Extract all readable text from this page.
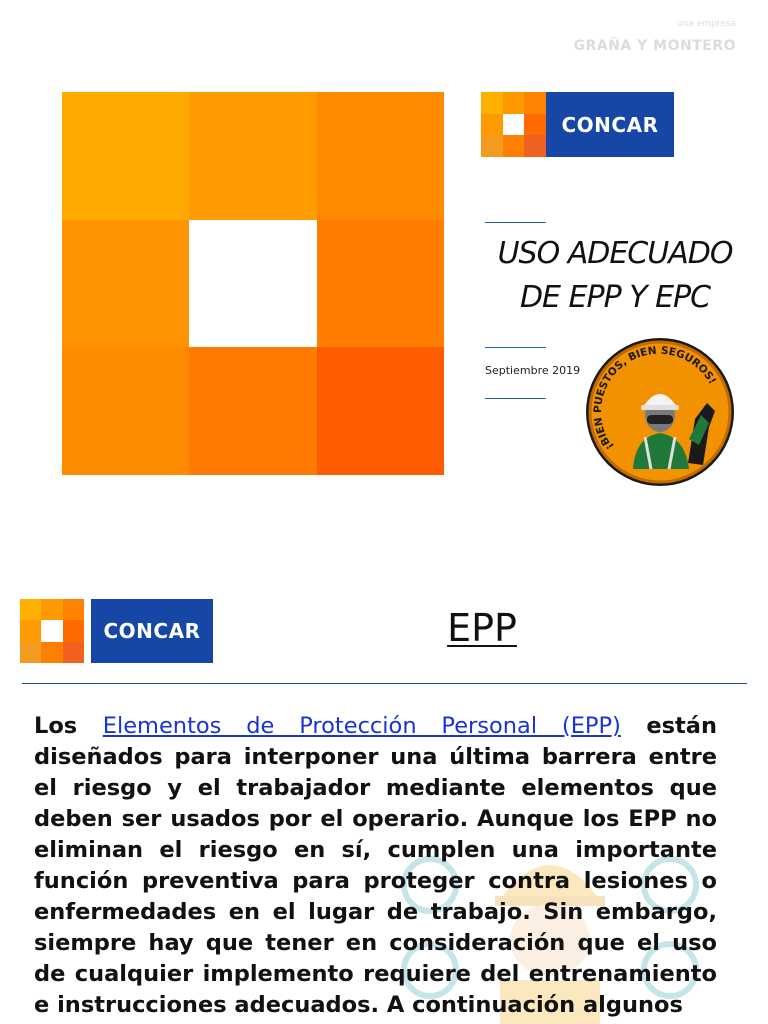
una empresa
GRAÑA Y MONTERO
CONCAR
USO ADECUADO
DE EPP Y EPC
Septiembre 2019
¡BIEN PUESTOS, BIEN SEGUROS!
CONCAR	EPP
Los Elementos de Protección Personal (EPP) están diseñados para interponer una última barrera entre el riesgo y el trabajador mediante elementos que deben ser usados por el operario. Aunque los EPP no eliminan el riesgo en sí, cumplen una importante función preventiva para proteger contra lesiones o enfermedades en el lugar de trabajo. Sin embargo, siempre hay que tener en consideración que el uso de cualquier implemento requiere del entrenamiento e instrucciones adecuados. A continuación algunos
